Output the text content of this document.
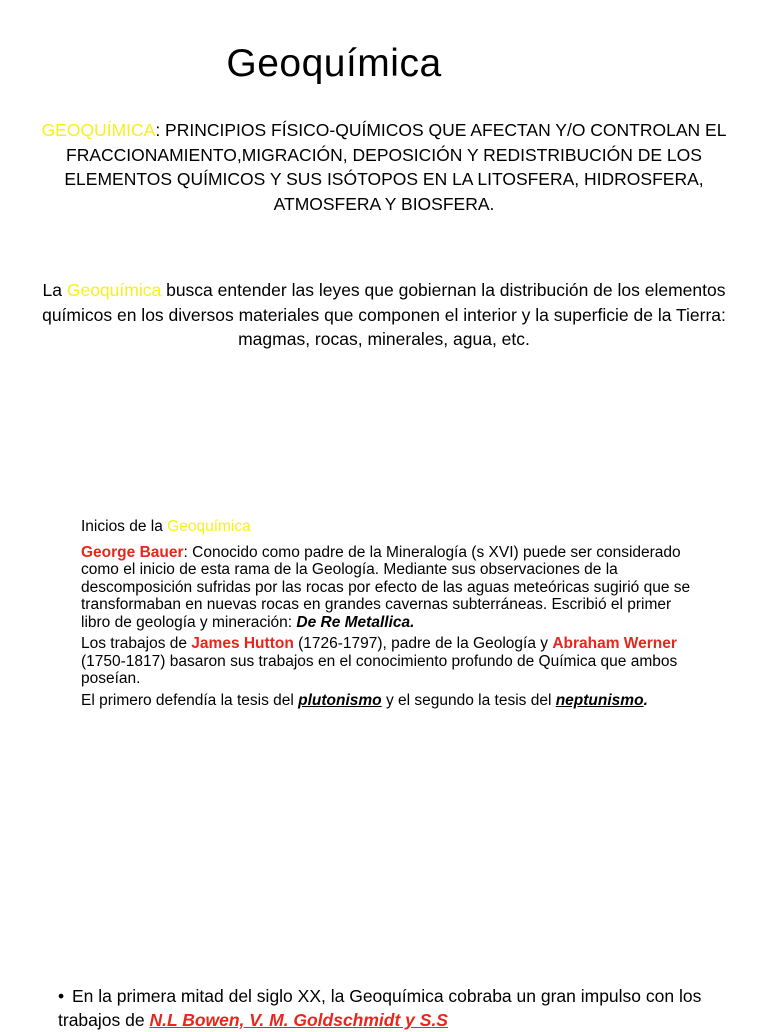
Geoquímica
GEOQUÍMICA: PRINCIPIOS FÍSICO-QUÍMICOS QUE AFECTAN Y/O CONTROLAN EL FRACCIONAMIENTO,MIGRACIÓN, DEPOSICIÓN Y REDISTRIBUCIÓN DE LOS ELEMENTOS QUÍMICOS Y SUS ISÓTOPOS EN LA LITOSFERA, HIDROSFERA, ATMOSFERA Y BIOSFERA.
La Geoquímica busca entender las leyes que gobiernan la distribución de los elementos químicos en los diversos materiales que componen el interior y la superficie de la Tierra: magmas, rocas, minerales, agua, etc.

Inicios de la Geoquímica

George Bauer: Conocido como padre de la Mineralogía (s XVI) puede ser considerado como el inicio de esta rama de la Geología. Mediante sus observaciones de la descomposición sufridas por las rocas por efecto de las aguas meteóricas sugirió que se transformaban en nuevas rocas en grandes cavernas subterráneas. Escribió el primer libro de geología y mineración: De Re Metallica.

Los trabajos de James Hutton (1726-1797), padre de la Geología y Abraham Werner (1750-1817) basaron sus trabajos en el conocimiento profundo de Química que ambos poseían.

El primero defendía la tesis del plutonismo y el segundo la tesis del neptunismo.

• En la primera mitad del siglo XX, la Geoquímica cobraba un gran impulso con los trabajos de N.L Bowen, V. M. Goldschmidt y S.S
